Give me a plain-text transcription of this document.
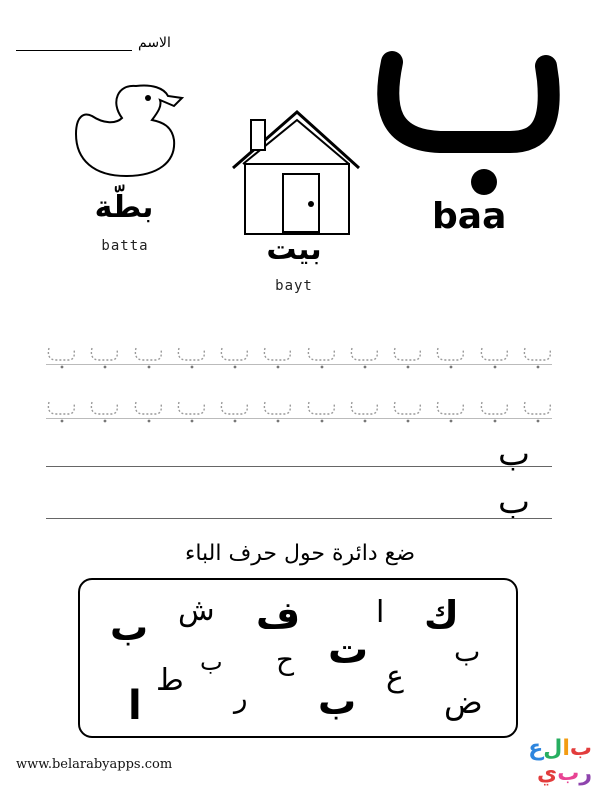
الاسم
baa
بطّة
batta	بيت
bayt
ب
ب
ضع دائرة حول حرف الباء
ب ش ف	ا ك
ت
ب ح	ب
ط	ع
ب
ر	ض
ا
www.belarabyapps.com
بالعربي
